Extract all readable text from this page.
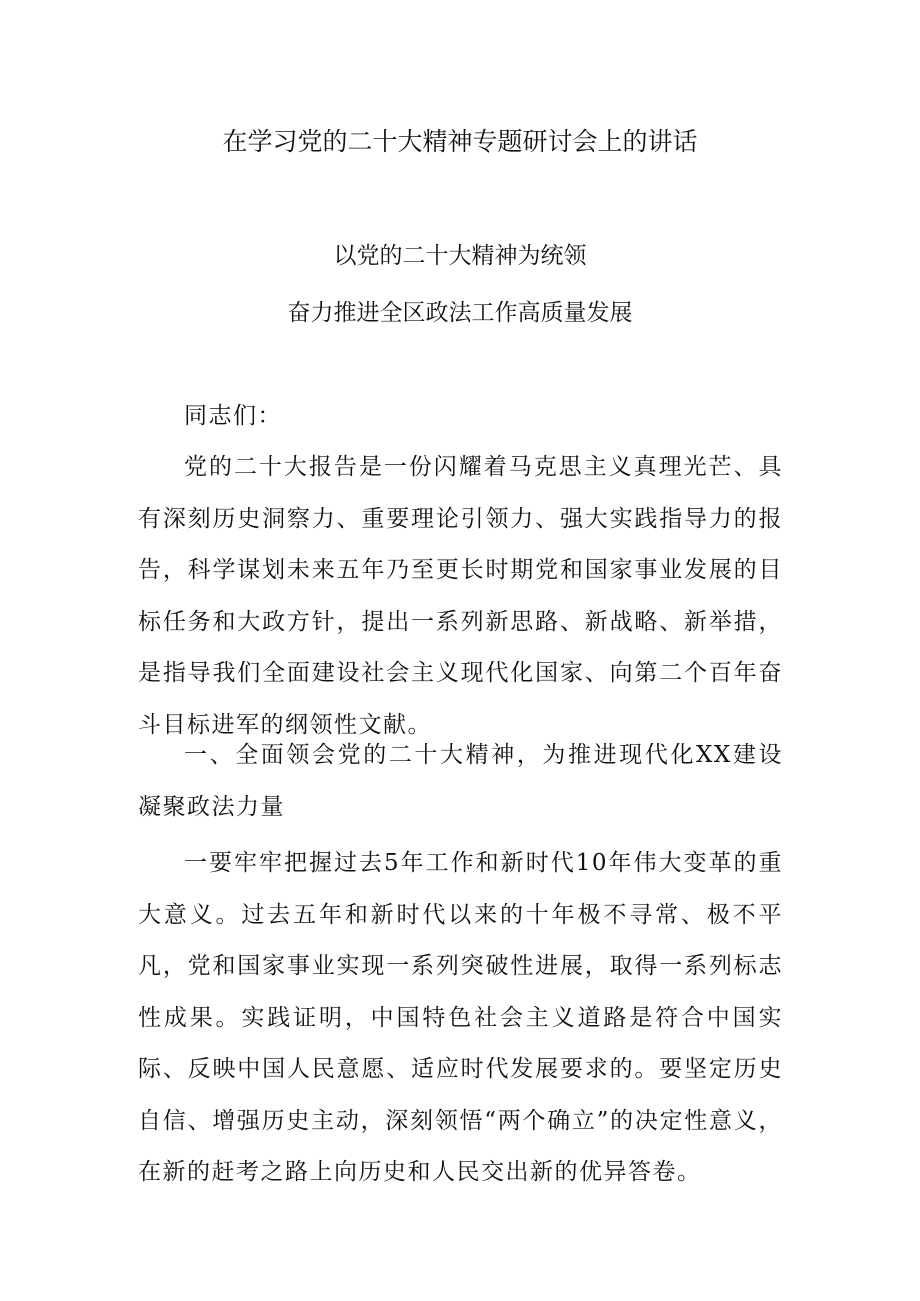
在学习党的二十大精神专题研讨会上的讲话
以党的二十大精神为统领
奋力推进全区政法工作高质量发展

同志们：

党的二十大报告是一份闪耀着马克思主义真理光芒、具有深刻历史洞察力、重要理论引领力、强大实践指导力的报告，科学谋划未来五年乃至更长时期党和国家事业发展的目标任务和大政方针，提出一系列新思路、新战略、新举措，是指导我们全面建设社会主义现代化国家、向第二个百年奋斗目标进军的纲领性文献。

一、全面领会党的二十大精神，为推进现代化XX建设凝聚政法力量

一要牢牢把握过去5年工作和新时代10年伟大变革的重大意义。过去五年和新时代以来的十年极不寻常、极不平凡，党和国家事业实现一系列突破性进展，取得一系列标志性成果。实践证明，中国特色社会主义道路是符合中国实际、反映中国人民意愿、适应时代发展要求的。要坚定历史自信、增强历史主动，深刻领悟“两个确立”的决定性意义，在新的赶考之路上向历史和人民交出新的优异答卷。
